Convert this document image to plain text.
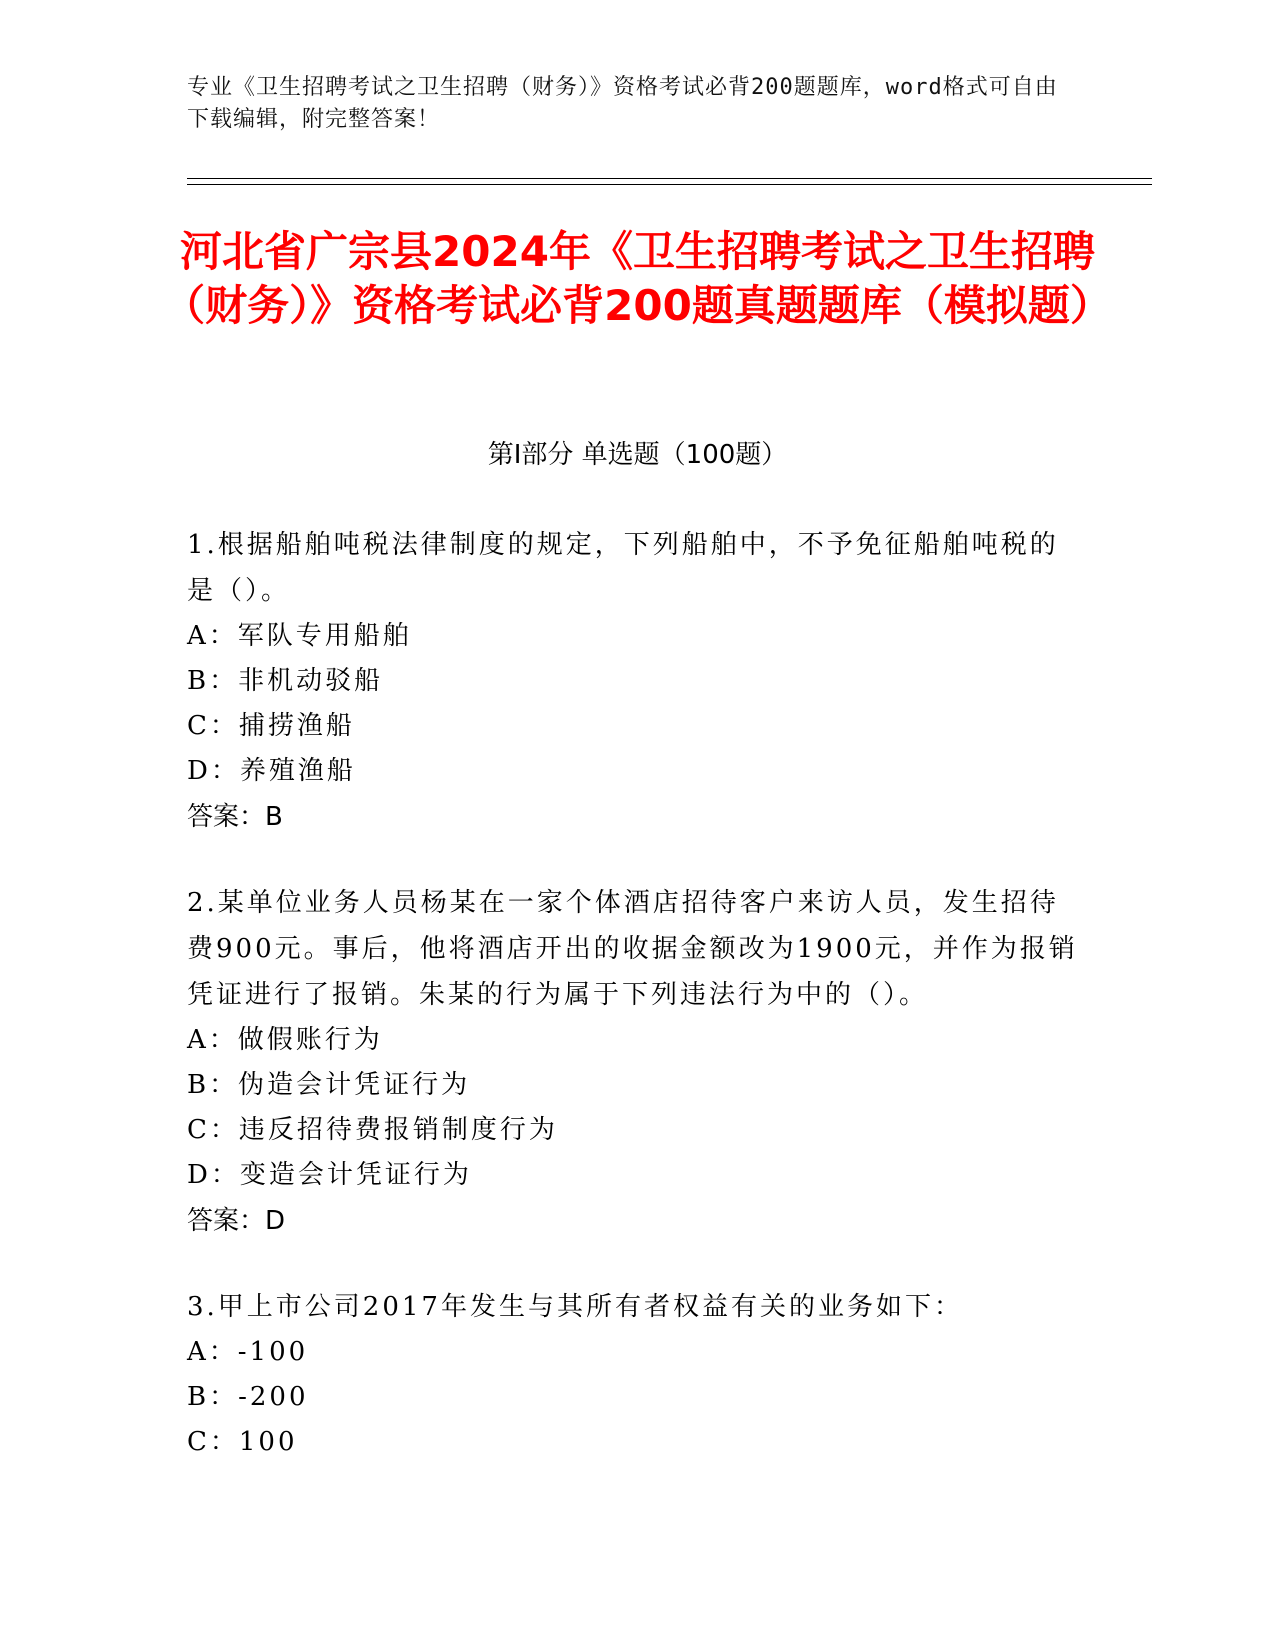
专业《卫生招聘考试之卫生招聘（财务）》资格考试必背200题题库，word格式可自由下载编辑，附完整答案！
河北省广宗县2024年《卫生招聘考试之卫生招聘（财务）》资格考试必背200题真题题库（模拟题）
第Ⅰ部分 单选题（100题）

1.根据船舶吨税法律制度的规定，下列船舶中，不予免征船舶吨税的是（）。

A：军队专用船舶

B：非机动驳船

C：捕捞渔船

D：养殖渔船

答案：B

2.某单位业务人员杨某在一家个体酒店招待客户来访人员，发生招待费900元。事后，他将酒店开出的收据金额改为1900元，并作为报销凭证进行了报销。朱某的行为属于下列违法行为中的（）。

A：做假账行为

B：伪造会计凭证行为

C：违反招待费报销制度行为

D：变造会计凭证行为

答案：D

3.甲上市公司2017年发生与其所有者权益有关的业务如下：

A：-100

B：-200

C：100
